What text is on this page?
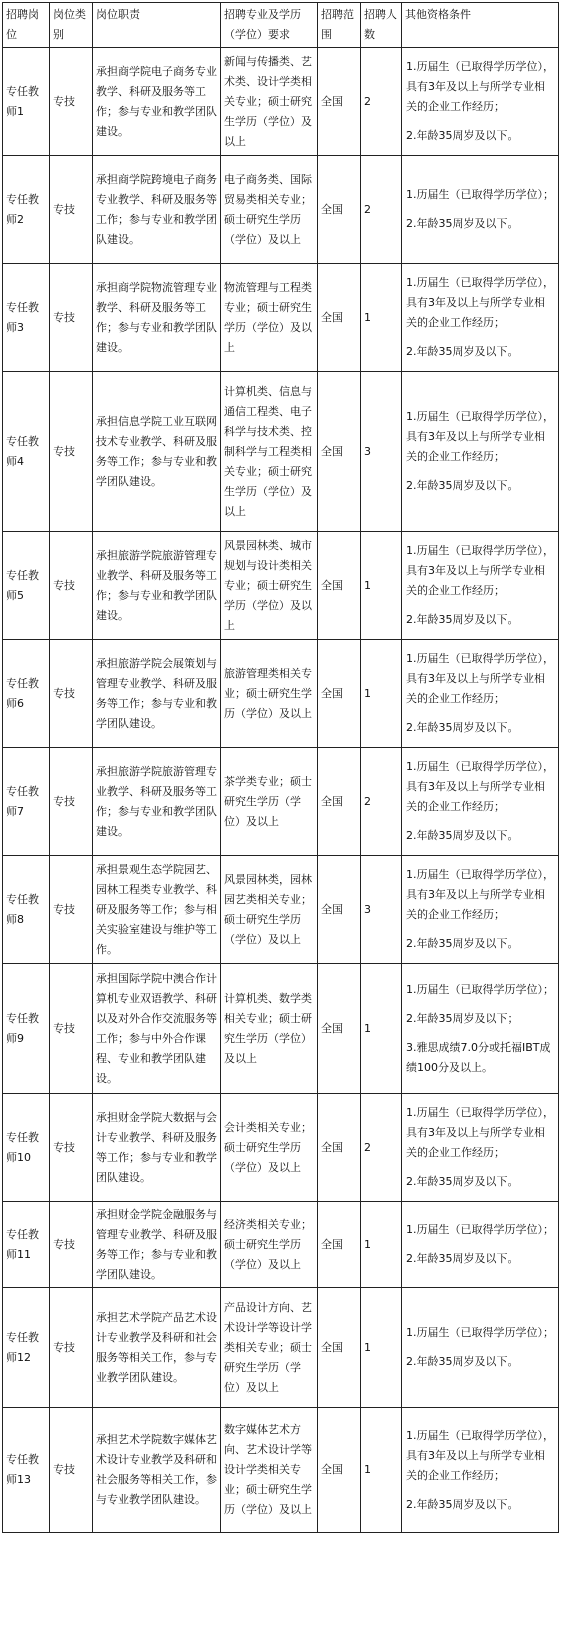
招聘岗位	岗位类别	岗位职责	招聘专业及学历（学位）要求	招聘范围	招聘人数	其他资格条件
专任教师1	专技	承担商学院电子商务专业教学、科研及服务等工作；参与专业和教学团队建设。	新闻与传播类、艺术类、设计学类相关专业；硕士研究生学历（学位）及以上	全国	2	1.历届生（已取得学历学位），具有3年及以上与所学专业相关的企业工作经历；
2.年龄35周岁及以下。

专任教师2	专技	承担商学院跨境电子商务专业教学、科研及服务等工作；参与专业和教学团队建设。	电子商务类、国际贸易类相关专业；硕士研究生学历（学位）及以上	全国	2	1.历届生（已取得学历学位）；
2.年龄35周岁及以下。

专任教师3	专技	承担商学院物流管理专业教学、科研及服务等工作；参与专业和教学团队建设。	物流管理与工程类专业；硕士研究生学历（学位）及以上	全国	1	1.历届生（已取得学历学位），具有3年及以上与所学专业相关的企业工作经历；
2.年龄35周岁及以下。

专任教师4	专技	承担信息学院工业互联网技术专业教学、科研及服务等工作；参与专业和教学团队建设。	计算机类、信息与通信工程类、电子科学与技术类、控制科学与工程类相关专业；硕士研究生学历（学位）及以上	全国	3	1.历届生（已取得学历学位），具有3年及以上与所学专业相关的企业工作经历；
2.年龄35周岁及以下。

专任教师5	专技	承担旅游学院旅游管理专业教学、科研及服务等工作；参与专业和教学团队建设。	风景园林类、城市规划与设计类相关专业；硕士研究生学历（学位）及以上	全国	1	1.历届生（已取得学历学位），具有3年及以上与所学专业相关的企业工作经历；
2.年龄35周岁及以下。

专任教师6	专技	承担旅游学院会展策划与管理专业教学、科研及服务等工作；参与专业和教学团队建设。	旅游管理类相关专业；硕士研究生学历（学位）及以上	全国	1	1.历届生（已取得学历学位），具有3年及以上与所学专业相关的企业工作经历；
2.年龄35周岁及以下。

专任教师7	专技	承担旅游学院旅游管理专业教学、科研及服务等工作；参与专业和教学团队建设。	茶学类专业；硕士研究生学历（学位）及以上	全国	2	1.历届生（已取得学历学位），具有3年及以上与所学专业相关的企业工作经历；
2.年龄35周岁及以下。

专任教师8	专技	承担景观生态学院园艺、园林工程类专业教学、科研及服务等工作；参与相关实验室建设与维护等工作。	风景园林类，园林园艺类相关专业；硕士研究生学历（学位）及以上	全国	3	1.历届生（已取得学历学位），具有3年及以上与所学专业相关的企业工作经历；
2.年龄35周岁及以下。

专任教师9	专技	承担国际学院中澳合作计算机专业双语教学、科研以及对外合作交流服务等工作；参与中外合作课程、专业和教学团队建设。	计算机类、数学类相关专业；硕士研究生学历（学位）及以上	全国	1	1.历届生（已取得学历学位）；
2.年龄35周岁及以下；
3.雅思成绩7.0分或托福IBT成绩100分及以上。

专任教师10	专技	承担财金学院大数据与会计专业教学、科研及服务等工作；参与专业和教学团队建设。	会计类相关专业；硕士研究生学历（学位）及以上	全国	2	1.历届生（已取得学历学位），具有3年及以上与所学专业相关的企业工作经历；
2.年龄35周岁及以下。

专任教师11	专技	承担财金学院金融服务与管理专业教学、科研及服务等工作；参与专业和教学团队建设。	经济类相关专业；硕士研究生学历（学位）及以上	全国	1	1.历届生（已取得学历学位）；
2.年龄35周岁及以下。

专任教师12	专技	承担艺术学院产品艺术设计专业教学及科研和社会服务等相关工作，参与专业教学团队建设。	产品设计方向、艺术设计学等设计学类相关专业；硕士研究生学历（学位）及以上	全国	1	1.历届生（已取得学历学位）；
2.年龄35周岁及以下。

专任教师13	专技	承担艺术学院数字媒体艺术设计专业教学及科研和社会服务等相关工作，参与专业教学团队建设。	数字媒体艺术方向、艺术设计学等设计学类相关专业；硕士研究生学历（学位）及以上	全国	1	1.历届生（已取得学历学位），具有3年及以上与所学专业相关的企业工作经历；
2.年龄35周岁及以下。
